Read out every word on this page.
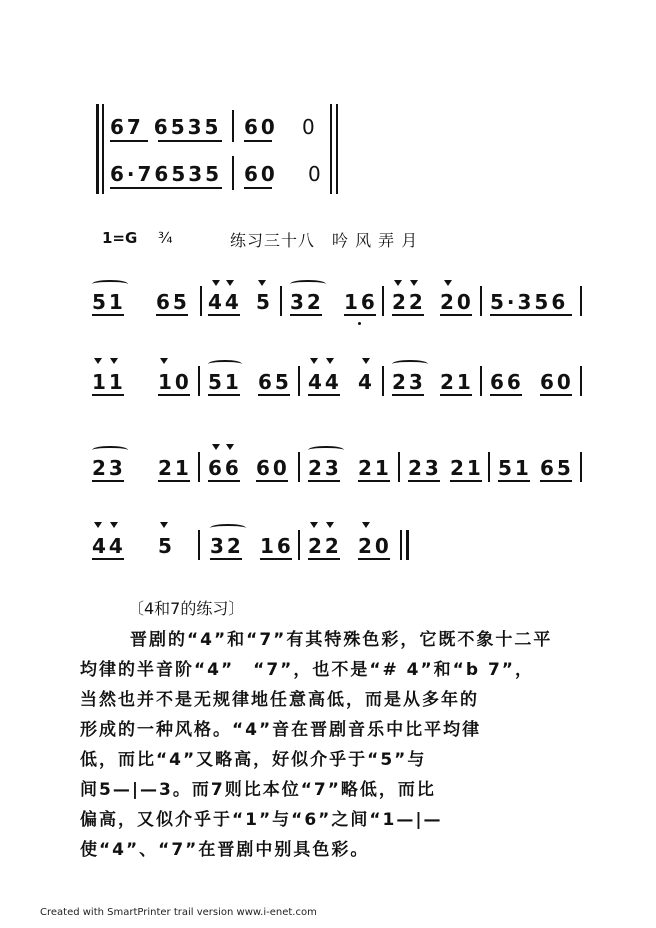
67 6535 60 0
6·76535 60 0
1=G ¾	练习三十八　吟 风 弄 月
51 65 44 5 32 16 22 20 5·356
11 10 51 65 44 4 23 21 66 60
23 21 66 60 23 21 23 21 51 65
44 5 32 16 22 20
〔4和7的练习〕
晋剧的“4”和“7”有其特殊色彩，它既不象十二平
均律的半音阶“4”　“7”，也不是“# 4”和“b 7”，
当然也并不是无规律地任意高低，而是从多年的
形成的一种风格。“4”音在晋剧音乐中比平均律
低，而比“4”又略高，好似介乎于“5”与
间5—|—3。而7则比本位“7”略低，而比
偏高，又似介乎于“1”与“6”之间“1—|—
使“4”、“7”在晋剧中别具色彩。
Created with SmartPrinter trail version www.i-enet.com
